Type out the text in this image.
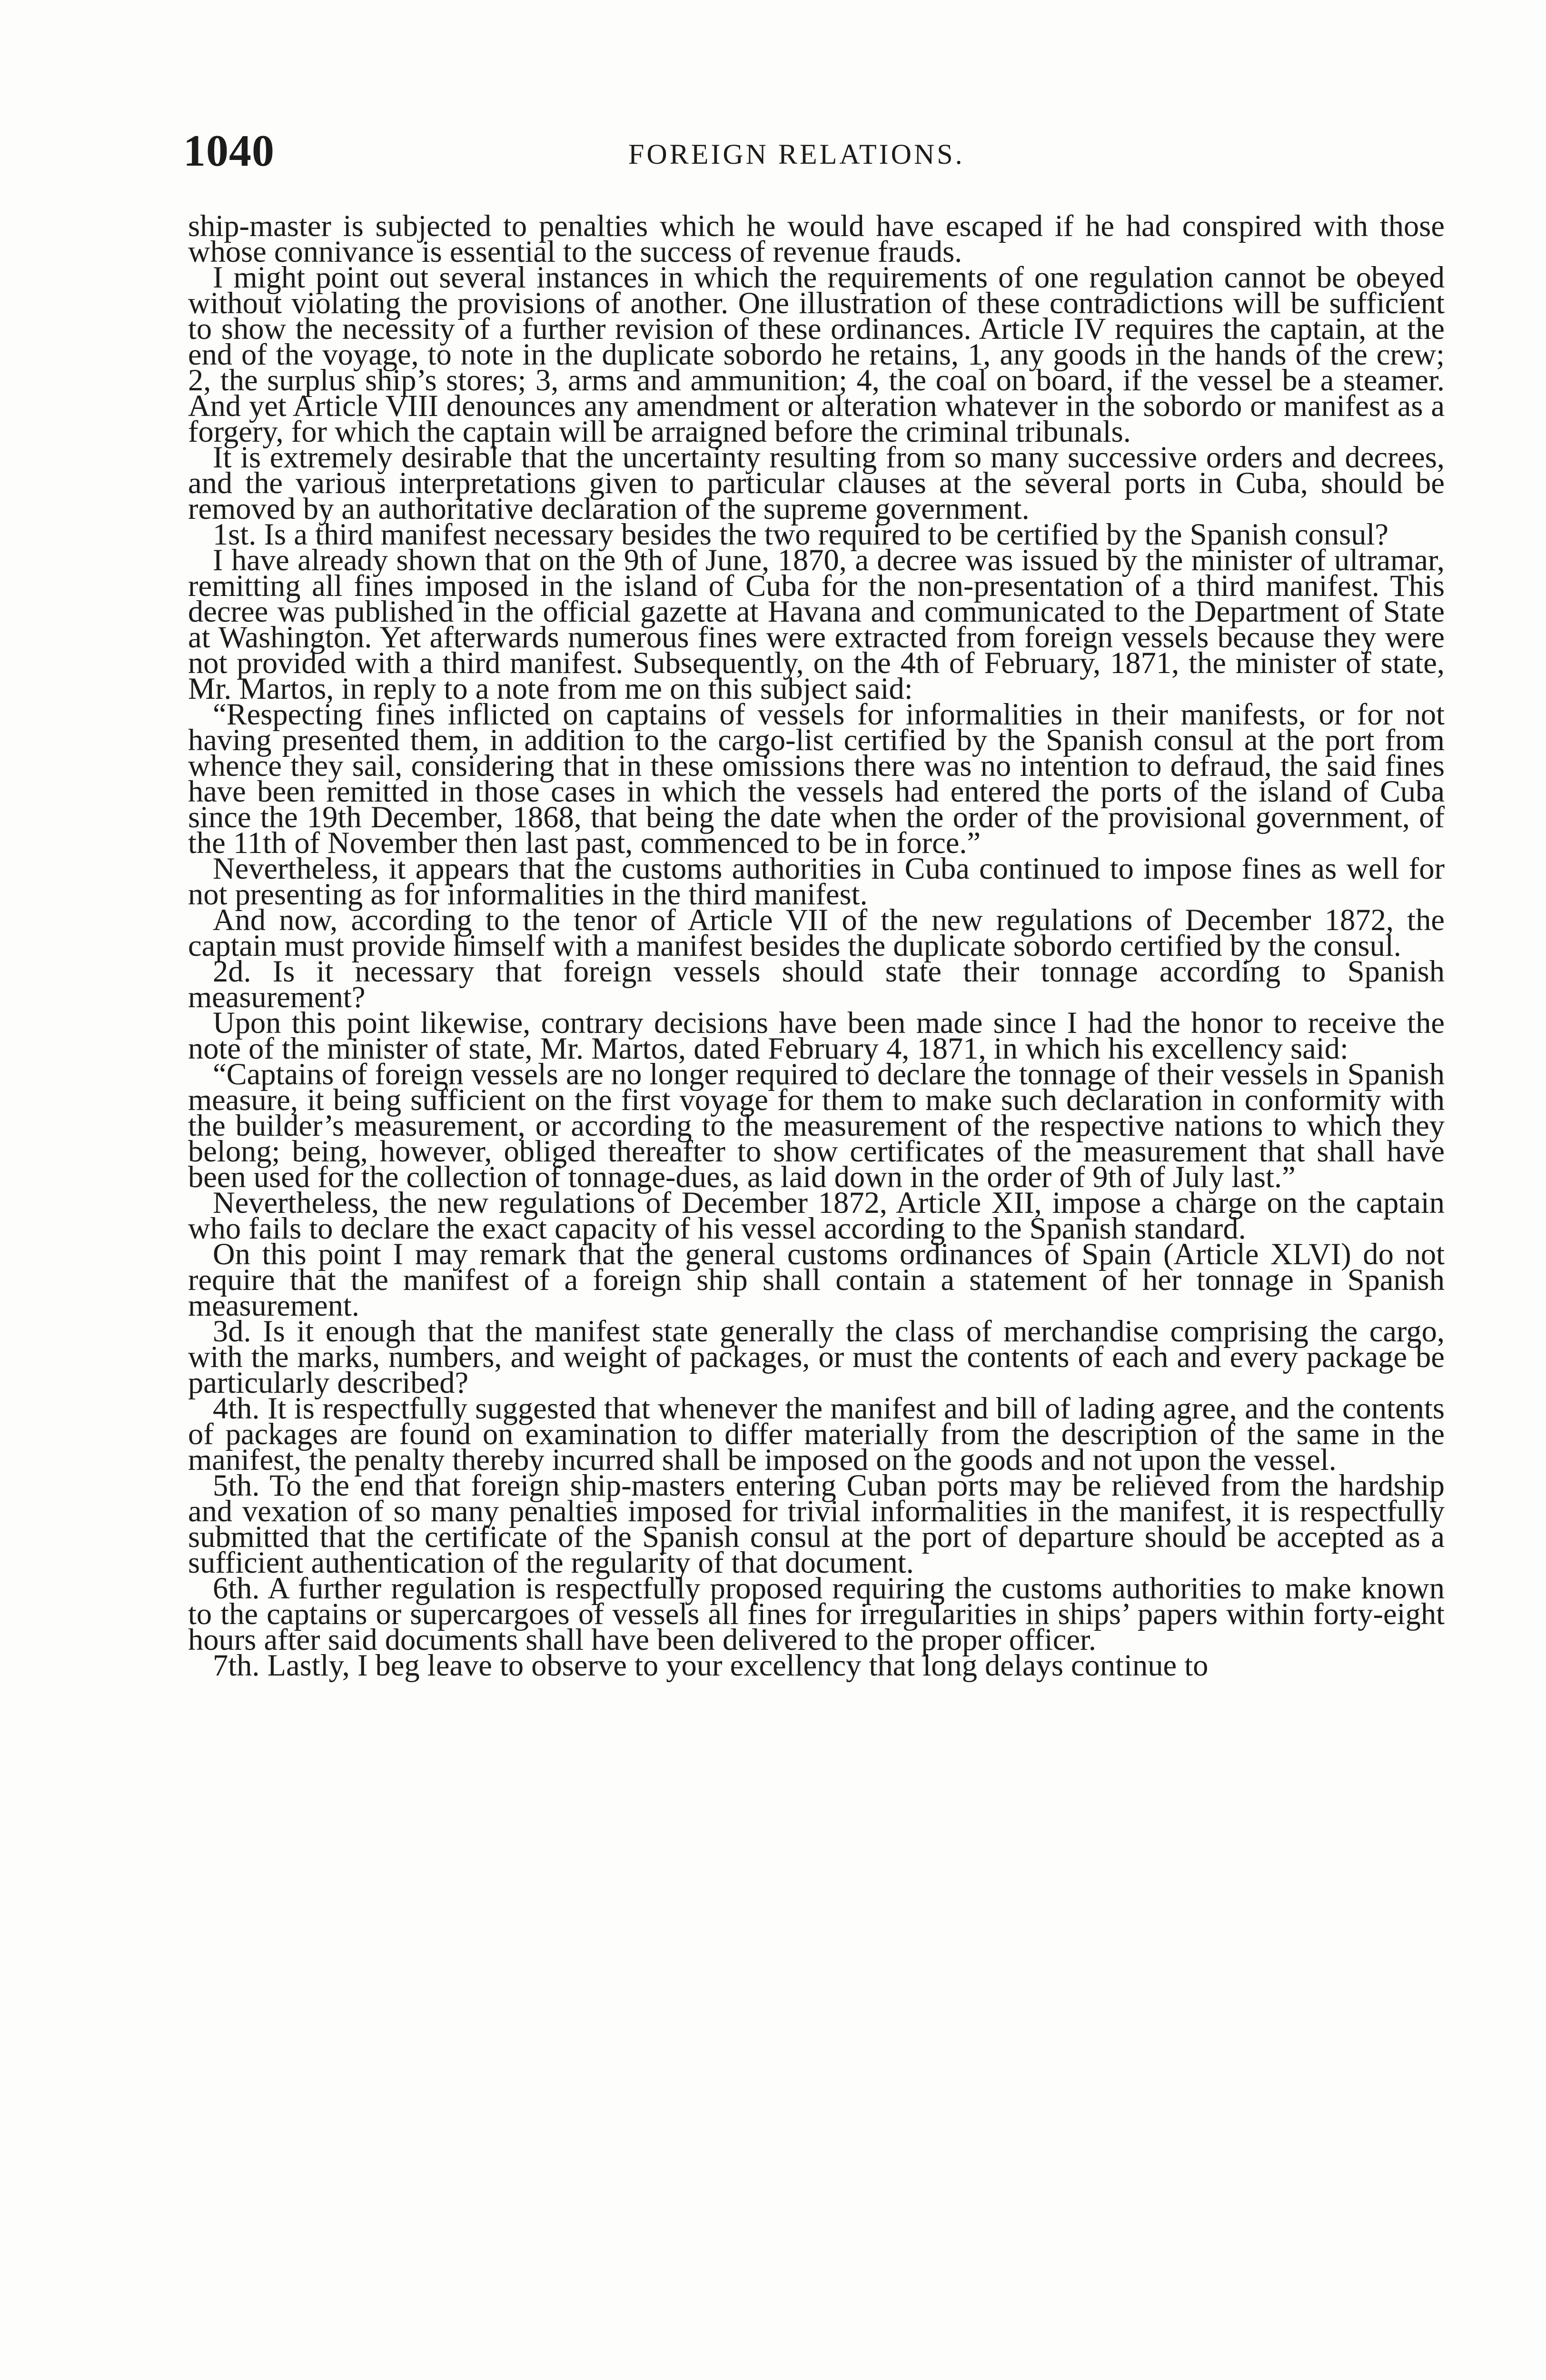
1040	FOREIGN RELATIONS.

ship-master is subjected to penalties which he would have escaped if he had conspired with those whose connivance is essential to the success of revenue frauds.

I might point out several instances in which the requirements of one regulation cannot be obeyed without violating the provisions of another. One illustration of these contradictions will be sufficient to show the necessity of a further revision of these ordinances. Article IV requires the captain, at the end of the voyage, to note in the duplicate sobordo he retains, 1, any goods in the hands of the crew; 2, the surplus ship’s stores; 3, arms and ammunition; 4, the coal on board, if the vessel be a steamer. And yet Article VIII denounces any amendment or alteration whatever in the sobordo or manifest as a forgery, for which the captain will be arraigned before the criminal tribunals.

It is extremely desirable that the uncertainty resulting from so many successive orders and decrees, and the various interpretations given to particular clauses at the several ports in Cuba, should be removed by an authoritative declaration of the supreme government.

1st. Is a third manifest necessary besides the two required to be certified by the Spanish consul?

I have already shown that on the 9th of June, 1870, a decree was issued by the minister of ultramar, remitting all fines imposed in the island of Cuba for the non-presentation of a third manifest. This decree was published in the official gazette at Havana and communicated to the Department of State at Washington. Yet afterwards numerous fines were extracted from foreign vessels because they were not provided with a third manifest. Subsequently, on the 4th of February, 1871, the minister of state, Mr. Martos, in reply to a note from me on this subject said:

“Respecting fines inflicted on captains of vessels for informalities in their manifests, or for not having presented them, in addition to the cargo-list certified by the Spanish consul at the port from whence they sail, considering that in these omissions there was no intention to defraud, the said fines have been remitted in those cases in which the vessels had entered the ports of the island of Cuba since the 19th December, 1868, that being the date when the order of the provisional government, of the 11th of November then last past, commenced to be in force.”

Nevertheless, it appears that the customs authorities in Cuba continued to impose fines as well for not presenting as for informalities in the third manifest.

And now, according to the tenor of Article VII of the new regulations of December 1872, the captain must provide himself with a manifest besides the duplicate sobordo certified by the consul.

2d. Is it necessary that foreign vessels should state their tonnage according to Spanish measurement?

Upon this point likewise, contrary decisions have been made since I had the honor to receive the note of the minister of state, Mr. Martos, dated February 4, 1871, in which his excellency said:

“Captains of foreign vessels are no longer required to declare the tonnage of their vessels in Spanish measure, it being sufficient on the first voyage for them to make such declaration in conformity with the builder’s measurement, or according to the measurement of the respective nations to which they belong; being, however, obliged thereafter to show certificates of the measurement that shall have been used for the collection of tonnage-dues, as laid down in the order of 9th of July last.”

Nevertheless, the new regulations of December 1872, Article XII, impose a charge on the captain who fails to declare the exact capacity of his vessel according to the Spanish standard.

On this point I may remark that the general customs ordinances of Spain (Article XLVI) do not require that the manifest of a foreign ship shall contain a statement of her tonnage in Spanish measurement.

3d. Is it enough that the manifest state generally the class of merchandise comprising the cargo, with the marks, numbers, and weight of packages, or must the contents of each and every package be particularly described?

4th. It is respectfully suggested that whenever the manifest and bill of lading agree, and the contents of packages are found on examination to differ materially from the description of the same in the manifest, the penalty thereby incurred shall be imposed on the goods and not upon the vessel.

5th. To the end that foreign ship-masters entering Cuban ports may be relieved from the hardship and vexation of so many penalties imposed for trivial informalities in the manifest, it is respectfully submitted that the certificate of the Spanish consul at the port of departure should be accepted as a sufficient authentication of the regularity of that document.

6th. A further regulation is respectfully proposed requiring the customs authorities to make known to the captains or supercargoes of vessels all fines for irregularities in ships’ papers within forty-eight hours after said documents shall have been delivered to the proper officer.

7th. Lastly, I beg leave to observe to your excellency that long delays continue to
